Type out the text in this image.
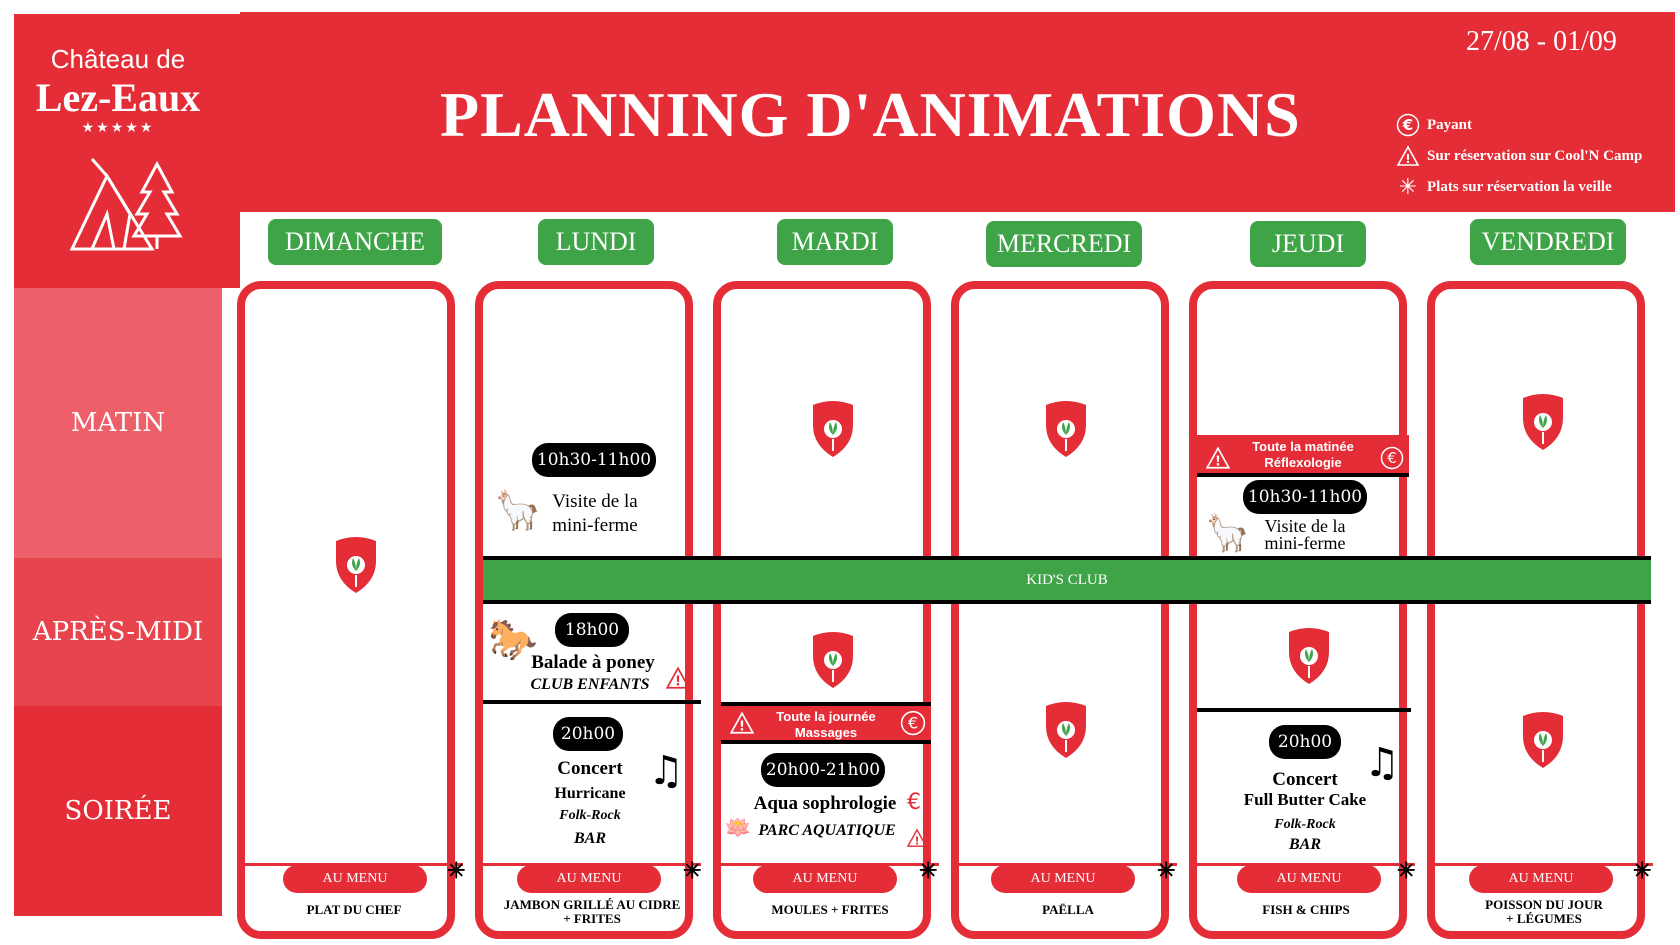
Château de
Lez-Eaux
★★★★★
MATIN
APRÈS-MIDI
SOIRÉE
PLANNING D'ANIMATIONS
27/08 - 01/09
€ Payant
! Sur réservation sur Cool'N Camp
✳ Plats sur réservation la veille
DIMANCHE	LUNDI	MARDI	MERCREDI	JEUDI	VENDREDI
KID'S CLUB
10h30-11h00
🦙 Visite de la
mini-ferme
18h00
🐎
Balade à poney
CLUB ENFANTS	!
20h00
Concert
Hurricane
Folk-Rock
BAR
♫
Toute la journée
Massages
!	€
20h00-21h00
Aqua sophrologie €
🪷 PARC AQUATIQUE
!
Toute la matinée
Réflexologie
!	€
10h30-11h00
🦙 Visite de la
mini-ferme
20h00
Concert
Full Butter Cake
Folk-Rock
BAR
♫
AU MENU	✳
PLAT DU CHEF
AU MENU	✳
JAMBON GRILLÉ AU CIDRE
+ FRITES
AU MENU	✳
MOULES + FRITES
AU MENU	✳
PAËLLA
AU MENU	✳
FISH & CHIPS
AU MENU	✳
POISSON DU JOUR
+ LÉGUMES
